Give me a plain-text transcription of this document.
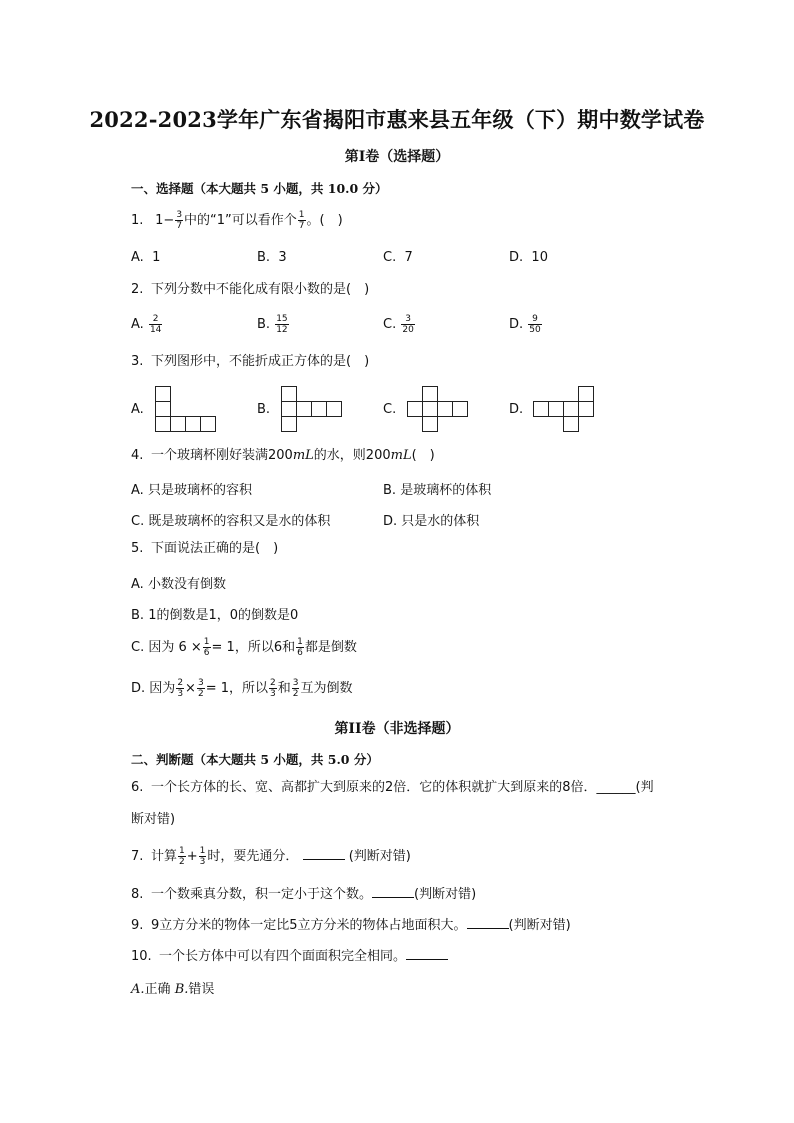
2022-2023学年广东省揭阳市惠来县五年级（下）期中数学试卷
第I卷（选择题）
一、选择题（本大题共 5 小题，共 10.0 分）
1. $1- \frac{3}{7}$ 中的“1”可以看作个 $\frac{1}{7}$ 。(　)
A. 1	B. 3	C. 7	D. 10
2. 下列分数中不能化成有限小数的是(　)
A. $\frac{2}{14}$	B. $\frac{15}{12}$	C. $\frac{3}{20}$	D. $\frac{9}{50}$
3. 下列图形中，不能折成正方体的是(　)
A.	B.	C.	D.
4. 一个玻璃杯刚好装满200mL的水，则200mL(　)
A. 只是玻璃杯的容积	B. 是玻璃杯的体积
C. 既是玻璃杯的容积又是水的体积	D. 只是水的体积
5. 下面说法正确的是(　)
A. 小数没有倒数
B. 1的倒数是1，0的倒数是0
C. 因为 $6 \times \frac{1}{6} = 1$，所以6和 $\frac{1}{6}$ 都是倒数
D. 因为 $\frac{2}{3} \times \frac{3}{2} = 1$，所以 $\frac{2}{3}$ 和 $\frac{3}{2}$ 互为倒数
第II卷（非选择题）
二、判断题（本大题共 5 小题，共 5.0 分）
6. 一个长方体的长、宽、高都扩大到原来的2倍．它的体积就扩大到原来的8倍．______(判
断对错)
7. 计算 $\frac{1}{2} + \frac{1}{3}$ 时，要先通分．	(判断对错)
8. 一个数乘真分数，积一定小于这个数。	(判断对错)
9. 9立方分米的物体一定比5立方分米的物体占地面积大。	(判断对错)
10. 一个长方体中可以有四个面面积完全相同。
A.正确 B.错误
